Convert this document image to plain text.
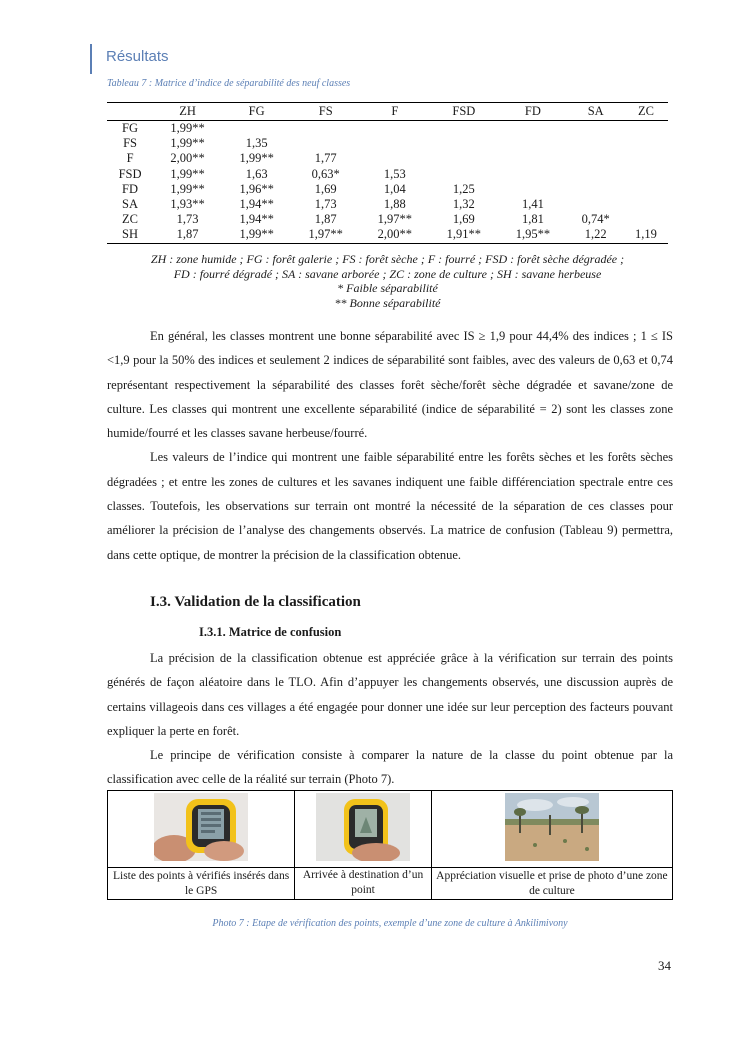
Résultats
Tableau 7 : Matrice d’indice de séparabilité des neuf classes
	ZH	FG	FS	F	FSD	FD	SA	ZC
FG	1,99**							
FS	1,99**	1,35						
F	2,00**	1,99**	1,77					
FSD	1,99**	1,63	0,63*	1,53				
FD	1,99**	1,96**	1,69	1,04	1,25			
SA	1,93**	1,94**	1,73	1,88	1,32	1,41		
ZC	1,73	1,94**	1,87	1,97**	1,69	1,81	0,74*	
SH	1,87	1,99**	1,97**	2,00**	1,91**	1,95**	1,22	1,19
ZH : zone humide ; FG : forêt galerie ; FS : forêt sèche ; F : fourré ; FSD : forêt sèche dégradée ;
FD : fourré dégradé ; SA : savane arborée ; ZC : zone de culture ; SH : savane herbeuse
* Faible séparabilité
** Bonne séparabilité

En général, les classes montrent une bonne séparabilité avec IS ≥ 1,9 pour 44,4% des indices ; 1 ≤ IS <1,9 pour la 50% des indices et seulement 2 indices de séparabilité sont faibles, avec des valeurs de 0,63 et 0,74 représentant respectivement la séparabilité des classes forêt sèche/forêt sèche dégradée et savane/zone de culture. Les classes qui montrent une excellente séparabilité (indice de séparabilité = 2) sont les classes zone humide/fourré et les classes savane herbeuse/fourré.

Les valeurs de l’indice qui montrent une faible séparabilité entre les forêts sèches et les forêts sèches dégradées ; et entre les zones de cultures et les savanes indiquent une faible différenciation spectrale entre ces classes. Toutefois, les observations sur terrain ont montré la nécessité de la séparation de ces classes pour améliorer la précision de l’analyse des changements observés. La matrice de confusion (Tableau 9) permettra, dans cette optique, de montrer la précision de la classification obtenue.

I.3. Validation de la classification
I.3.1. Matrice de confusion

La précision de la classification obtenue est appréciée grâce à la vérification sur terrain des points générés de façon aléatoire dans le TLO. Afin d’appuyer les changements observés, une discussion auprès de certains villageois dans ces villages a été engagée pour donner une idée sur leur perception des facteurs pouvant expliquer la perte en forêt.

Le principe de vérification consiste à comparer la nature de la classe du point obtenue par la classification avec celle de la réalité sur terrain (Photo 7).

Liste des points à vérifiés insérés dans le GPS	Arrivée à destination d’un point	Appréciation visuelle et prise de photo d’une zone de culture
Photo 7 : Etape de vérification des points, exemple d’une zone de culture à Ankilimivony
34
